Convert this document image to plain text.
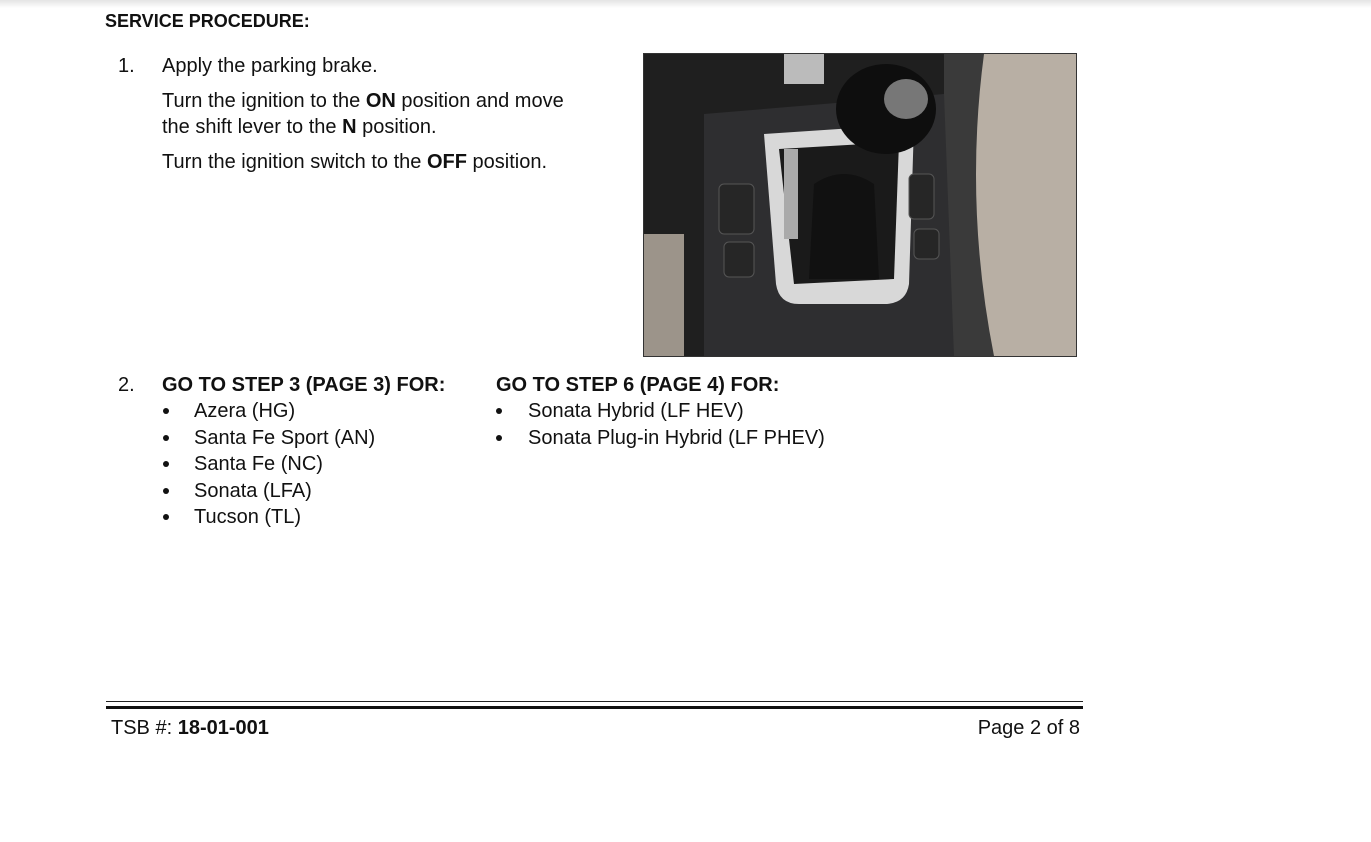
SERVICE PROCEDURE:
1. Apply the parking brake.
Turn the ignition to the ON position and move
the shift lever to the N position.
Turn the ignition switch to the OFF position.
2. GO TO STEP 3 (PAGE 3) FOR:	GO TO STEP 6 (PAGE 4) FOR:
Azera (HG)
Santa Fe Sport (AN)
Santa Fe (NC)
Sonata (LFA)
Tucson (TL)
Sonata Hybrid (LF HEV)
Sonata Plug-in Hybrid (LF PHEV)
TSB #: 18-01-001	Page 2 of 8
